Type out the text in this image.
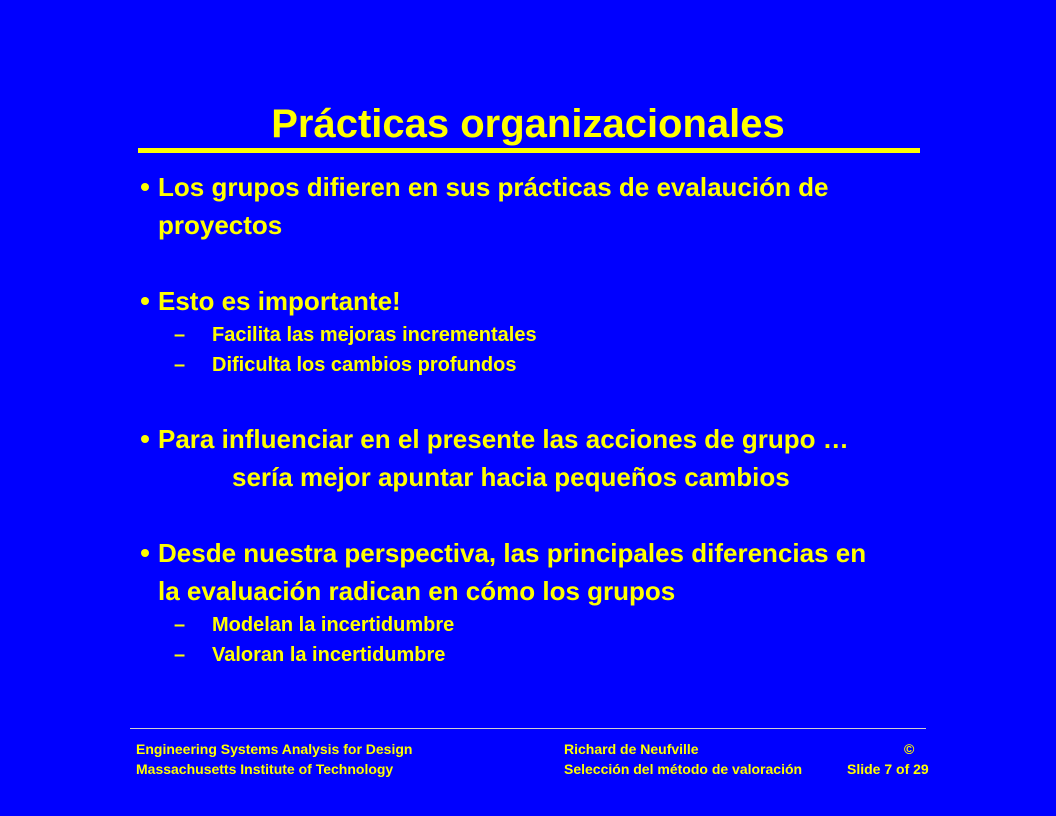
Prácticas organizacionales
Los grupos difieren en sus prácticas de evalaución de
proyectos
Esto es importante!
– Facilita las mejoras incrementales
– Dificulta los cambios profundos
Para influenciar en el presente las acciones de grupo …

sería mejor apuntar hacia pequeños cambios
Desde nuestra perspectiva, las principales diferencias en
la evaluación radican en cómo los grupos
– Modelan la incertidumbre
– Valoran la incertidumbre
Engineering Systems Analysis for Design
Massachusetts Institute of Technology
Richard de Neufville	©
Selección del método de valoración	Slide 7 of 29
